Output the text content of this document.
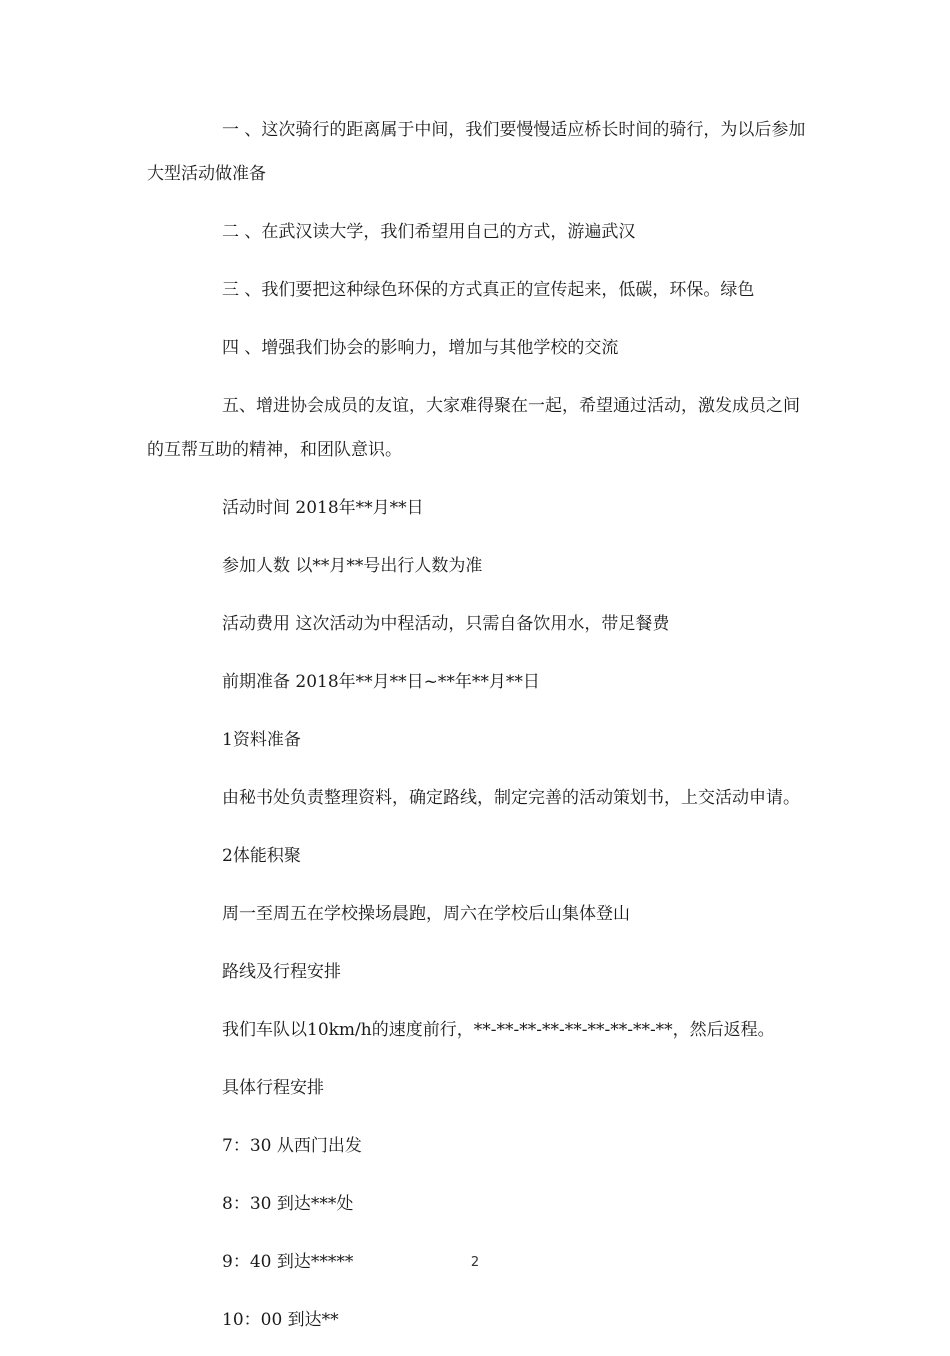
一 、这次骑行的距离属于中间，我们要慢慢适应桥长时间的骑行，为以后参加大型活动做准备

二 、在武汉读大学，我们希望用自己的方式，游遍武汉

三 、我们要把这种绿色环保的方式真正的宣传起来，低碳，环保。绿色

四 、增强我们协会的影响力，增加与其他学校的交流

五、增进协会成员的友谊，大家难得聚在一起，希望通过活动，激发成员之间的互帮互助的精神，和团队意识。

活动时间 2018年**月**日

参加人数 以**月**号出行人数为准

活动费用 这次活动为中程活动，只需自备饮用水，带足餐费

前期准备 2018年**月**日~**年**月**日

1资料准备

由秘书处负责整理资料，确定路线，制定完善的活动策划书，上交活动申请。

2体能积聚

周一至周五在学校操场晨跑，周六在学校后山集体登山

路线及行程安排

我们车队以10km/h的速度前行，**-**-**-**-**-**-**-**-**，然后返程。

具体行程安排

7：30 从西门出发

8：30 到达***处

9：40 到达*****

10：00 到达**

2
